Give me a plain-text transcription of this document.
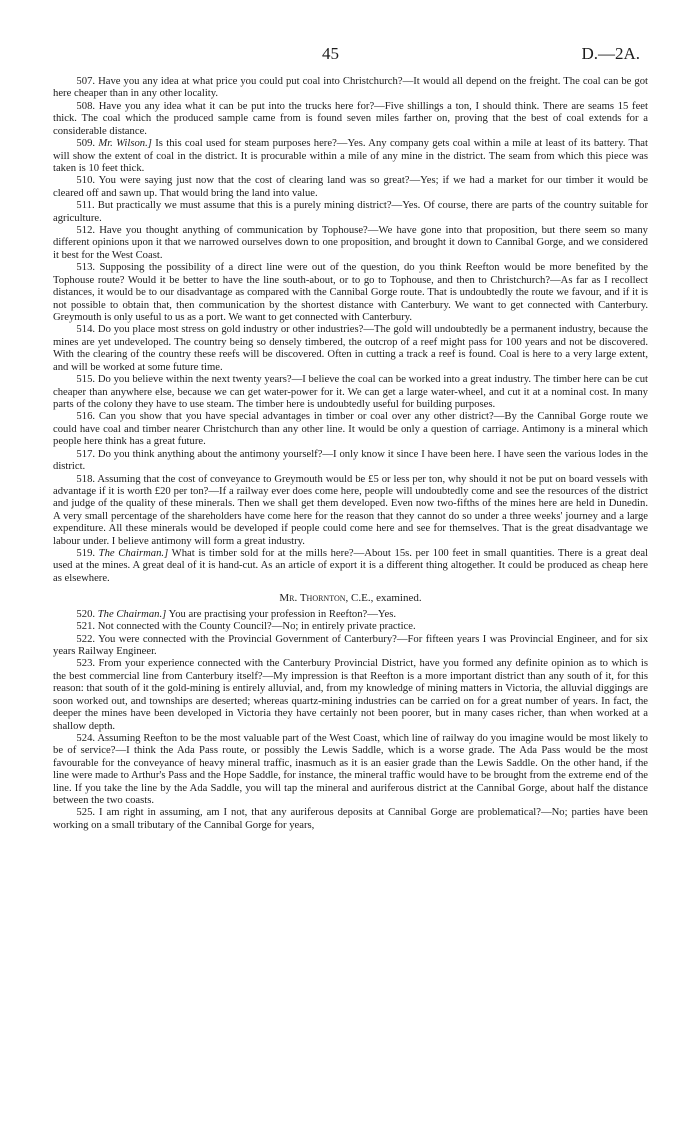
45	D.—2A.

507. Have you any idea at what price you could put coal into Christchurch?—It would all depend on the freight. The coal can be got here cheaper than in any other locality.

508. Have you any idea what it can be put into the trucks here for?—Five shillings a ton, I should think. There are seams 15 feet thick. The coal which the produced sample came from is found seven miles farther on, proving that the best of coal extends for a considerable distance.

509. Mr. Wilson.] Is this coal used for steam purposes here?—Yes. Any company gets coal within a mile at least of its battery. That will show the extent of coal in the district. It is procurable within a mile of any mine in the district. The seam from which this piece was taken is 10 feet thick.

510. You were saying just now that the cost of clearing land was so great?—Yes; if we had a market for our timber it would be cleared off and sawn up. That would bring the land into value.

511. But practically we must assume that this is a purely mining district?—Yes. Of course, there are parts of the country suitable for agriculture.

512. Have you thought anything of communication by Tophouse?—We have gone into that proposition, but there seem so many different opinions upon it that we narrowed ourselves down to one proposition, and brought it down to Cannibal Gorge, and we considered it best for the West Coast.

513. Supposing the possibility of a direct line were out of the question, do you think Reefton would be more benefited by the Tophouse route? Would it be better to have the line south-about, or to go to Tophouse, and then to Christchurch?—As far as I recollect distances, it would be to our disadvantage as compared with the Cannibal Gorge route. That is undoubtedly the route we favour, and if it is not possible to obtain that, then communication by the shortest distance with Canterbury. We want to get connected with Canterbury. Greymouth is only useful to us as a port. We want to get connected with Canterbury.

514. Do you place most stress on gold industry or other industries?—The gold will undoubtedly be a permanent industry, because the mines are yet undeveloped. The country being so densely timbered, the outcrop of a reef might pass for 100 years and not be discovered. With the clearing of the country these reefs will be discovered. Often in cutting a track a reef is found. Coal is here to a very large extent, and will be worked at some future time.

515. Do you believe within the next twenty years?—I believe the coal can be worked into a great industry. The timber here can be cut cheaper than anywhere else, because we can get water-power for it. We can get a large water-wheel, and cut it at a nominal cost. In many parts of the colony they have to use steam. The timber here is undoubtedly useful for building purposes.

516. Can you show that you have special advantages in timber or coal over any other district?—By the Cannibal Gorge route we could have coal and timber nearer Christchurch than any other line. It would be only a question of carriage. Antimony is a mineral which people here think has a great future.

517. Do you think anything about the antimony yourself?—I only know it since I have been here. I have seen the various lodes in the district.

518. Assuming that the cost of conveyance to Greymouth would be £5 or less per ton, why should it not be put on board vessels with advantage if it is worth £20 per ton?—If a railway ever does come here, people will undoubtedly come and see the resources of the district and judge of the quality of these minerals. Then we shall get them developed. Even now two-fifths of the mines here are held in Dunedin. A very small percentage of the shareholders have come here for the reason that they cannot do so under a three weeks' journey and a large expenditure. All these minerals would be developed if people could come here and see for themselves. That is the great disadvantage we labour under. I believe antimony will form a great industry.

519. The Chairman.] What is timber sold for at the mills here?—About 15s. per 100 feet in small quantities. There is a great deal used at the mines. A great deal of it is hand-cut. As an article of export it is a different thing altogether. It could be produced as cheap here as elsewhere.

Mr. Thornton, C.E., examined.

520. The Chairman.] You are practising your profession in Reefton?—Yes.

521. Not connected with the County Council?—No; in entirely private practice.

522. You were connected with the Provincial Government of Canterbury?—For fifteen years I was Provincial Engineer, and for six years Railway Engineer.

523. From your experience connected with the Canterbury Provincial District, have you formed any definite opinion as to which is the best commercial line from Canterbury itself?—My impression is that Reefton is a more important district than any south of it, for this reason: that south of it the gold-mining is entirely alluvial, and, from my knowledge of mining matters in Victoria, the alluvial diggings are soon worked out, and townships are deserted; whereas quartz-mining industries can be carried on for a great number of years. In fact, the deeper the mines have been developed in Victoria they have certainly not been poorer, but in many cases richer, than when worked at a shallow depth.

524. Assuming Reefton to be the most valuable part of the West Coast, which line of railway do you imagine would be most likely to be of service?—I think the Ada Pass route, or possibly the Lewis Saddle, which is a worse grade. The Ada Pass would be the most favourable for the conveyance of heavy mineral traffic, inasmuch as it is an easier grade than the Lewis Saddle. On the other hand, if the line were made to Arthur's Pass and the Hope Saddle, for instance, the mineral traffic would have to be brought from the extreme end of the line. If you take the line by the Ada Saddle, you will tap the mineral and auriferous district at the Cannibal Gorge, about half the distance between the two coasts.

525. I am right in assuming, am I not, that any auriferous deposits at Cannibal Gorge are problematical?—No; parties have been working on a small tributary of the Cannibal Gorge for years,
